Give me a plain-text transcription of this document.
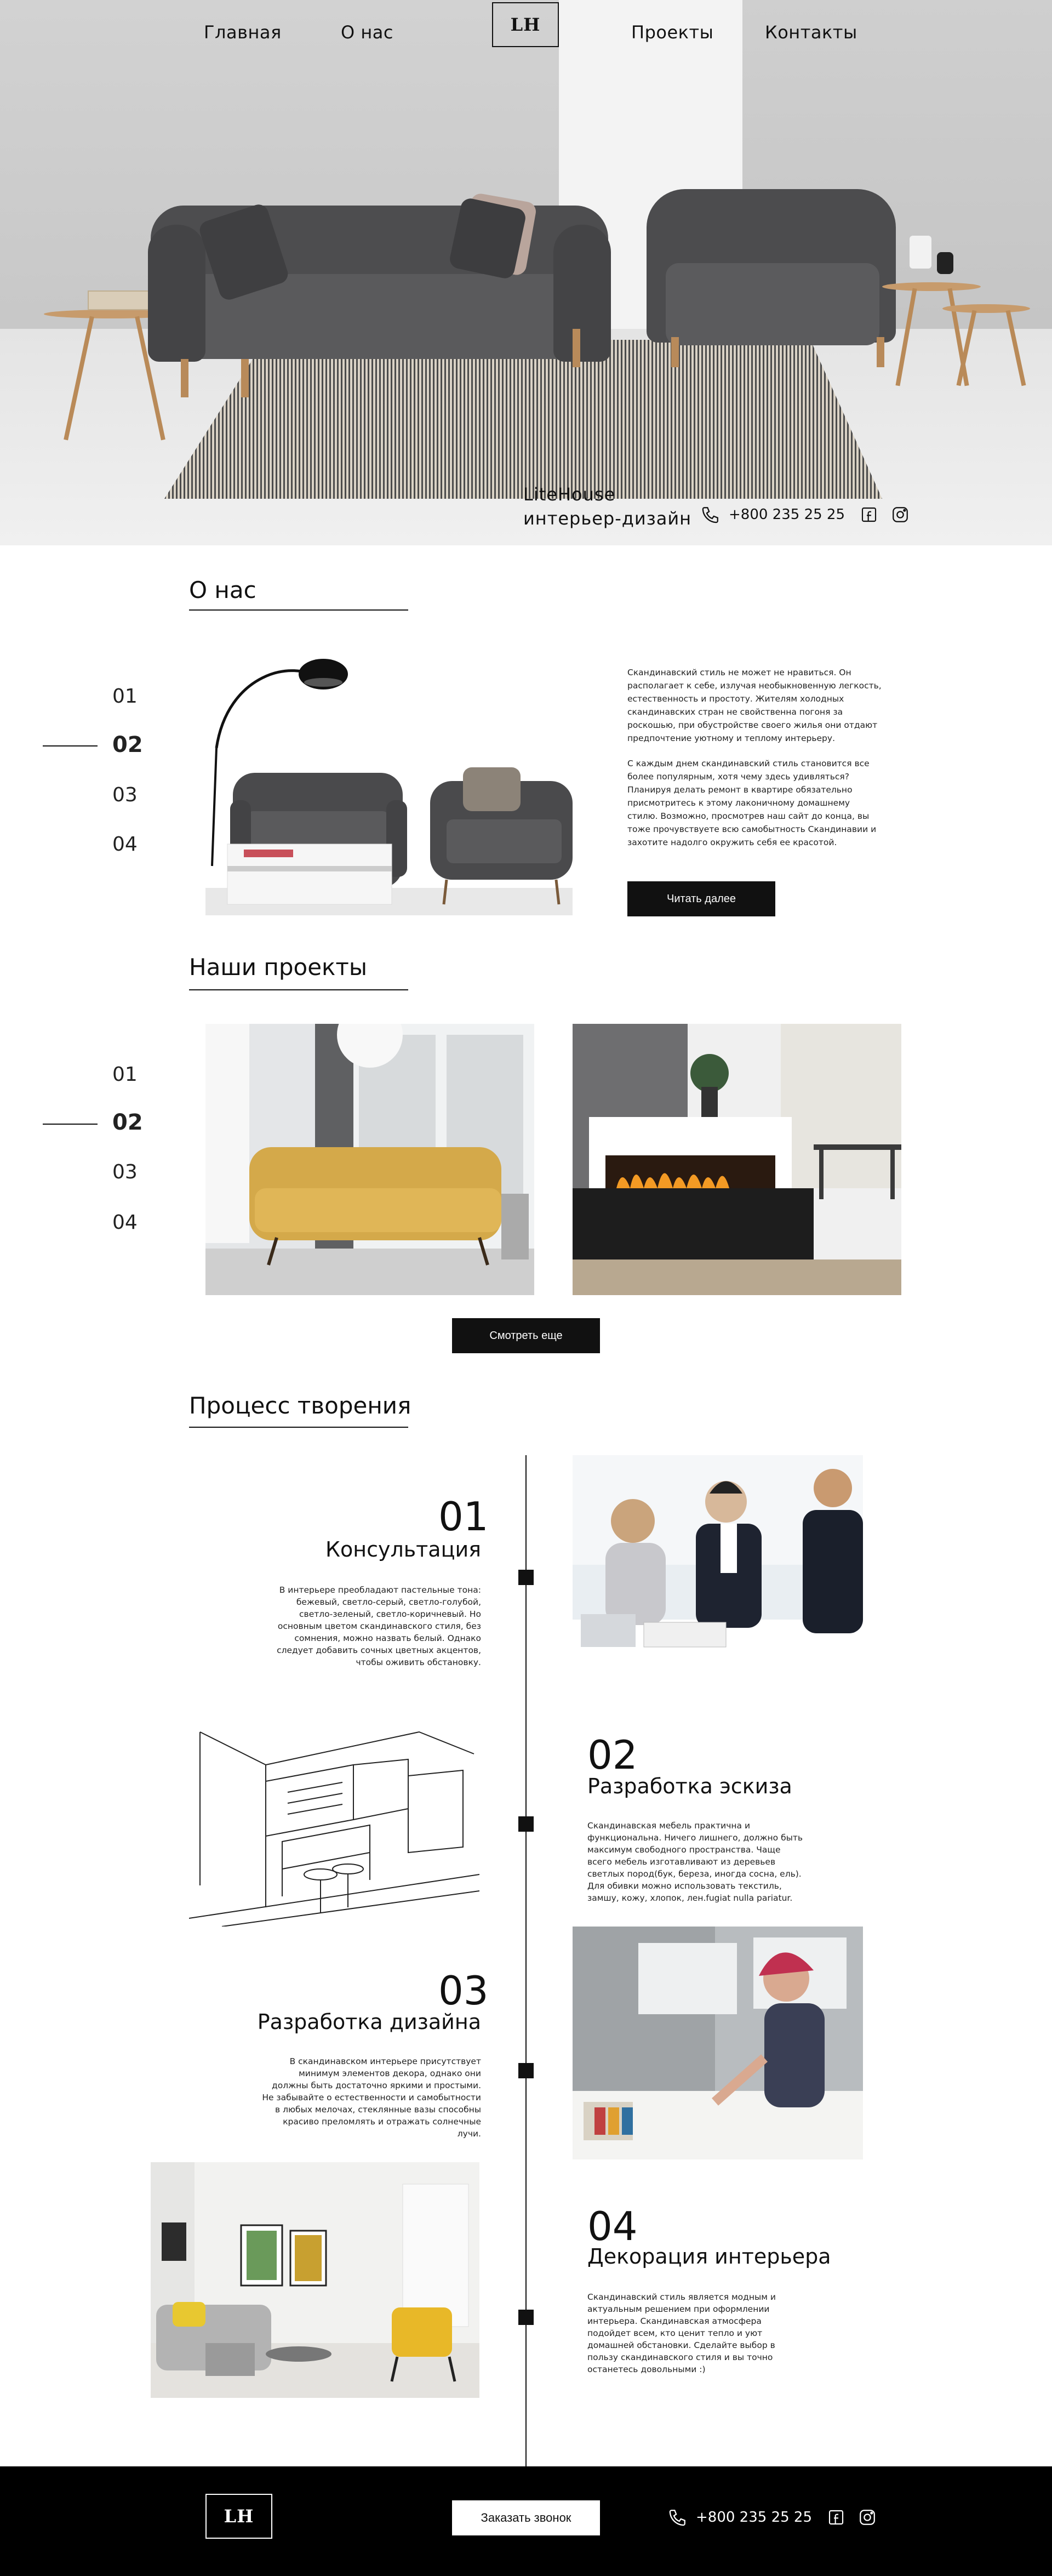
Главная	О нас	LH	Проекты	Контакты
LiteHouse
интерьер-дизайн	+800 235 25 25
О нас
01
02
03
04

Скандинавский стиль не может не нравиться. Он располагает к себе, излучая необыкновенную легкость, естественность и простоту. Жителям холодных скандинавских стран не свойственна погоня за роскошью, при обустройстве своего жилья они отдают предпочтение уютному и теплому интерьеру.

С каждым днем скандинавский стиль становится все более популярным, хотя чему здесь удивляться? Планируя делать ремонт в квартире обязательно присмотритесь к этому лаконичному домашнему стилю. Возможно, просмотрев наш сайт до конца, вы тоже прочувствуете всю самобытность Скандинавии и захотите надолго окружить себя ее красотой.

Читать далее
Наши проекты
01
02
03
04
Смотреть еще
Процесс творения
01
Консультация
В интерьере преобладают пастельные тона: бежевый, светло-серый, светло-голубой, светло-зеленый, светло-коричневый. Но основным цветом скандинавского стиля, без сомнения, можно назвать белый. Однако следует добавить сочных цветных акцентов, чтобы оживить обстановку.
02
Разработка эскиза
Скандинавская мебель практична и функциональна. Ничего лишнего, должно быть максимум свободного пространства. Чаще всего мебель изготавливают из деревьев светлых пород(бук, береза, иногда сосна, ель). Для обивки можно использовать текстиль, замшу, кожу, хлопок, лен.fugiat nulla pariatur.
03
Разработка дизайна
В скандинавском интерьере присутствует минимум элементов декора, однако они должны быть достаточно яркими и простыми. Не забывайте о естественности и самобытности в любых мелочах, стеклянные вазы способны красиво преломлять и отражать солнечные лучи.
04
Декорация интерьера
Скандинавский стиль является модным и актуальным решением при оформлении интерьера. Скандинавская атмосфера подойдет всем, кто ценит тепло и уют домашней обстановки. Сделайте выбор в пользу скандинавского стиля и вы точно останетесь довольными :)
LH	Заказать звонок	+800 235 25 25
